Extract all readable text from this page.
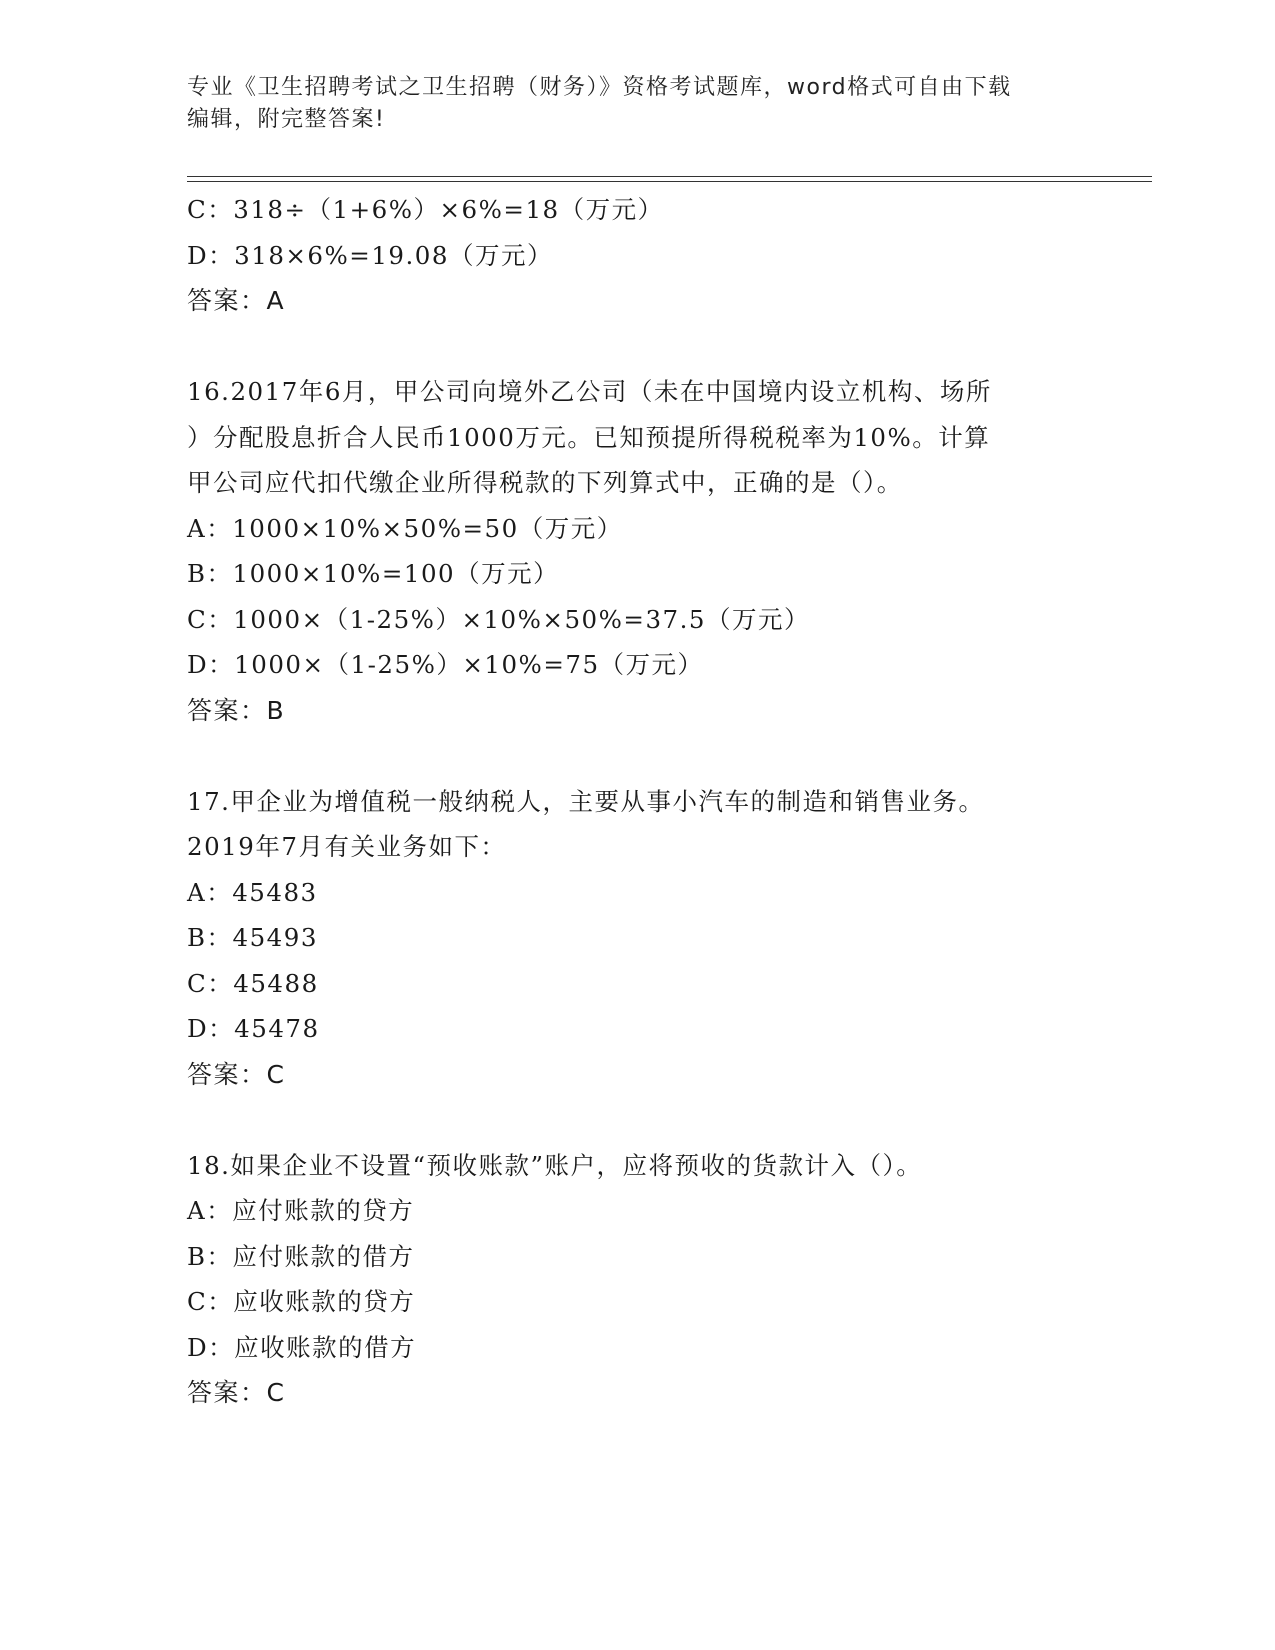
专业《卫生招聘考试之卫生招聘（财务）》资格考试题库，word格式可自由下载
编辑，附完整答案!
C：318÷（1+6%）×6%=18（万元）
D：318×6%=19.08（万元）
答案：A
16.2017年6月，甲公司向境外乙公司（未在中国境内设立机构、场所
）分配股息折合人民币1000万元。已知预提所得税税率为10%。计算
甲公司应代扣代缴企业所得税款的下列算式中，正确的是（）。
A：1000×10%×50%=50（万元）
B：1000×10%=100（万元）
C：1000×（1-25%）×10%×50%=37.5（万元）
D：1000×（1-25%）×10%=75（万元）
答案：B
17.甲企业为增值税一般纳税人，主要从事小汽车的制造和销售业务。
2019年7月有关业务如下：
A：45483
B：45493
C：45488
D：45478
答案：C
18.如果企业不设置“预收账款”账户，应将预收的货款计入（）。
A：应付账款的贷方
B：应付账款的借方
C：应收账款的贷方
D：应收账款的借方
答案：C
